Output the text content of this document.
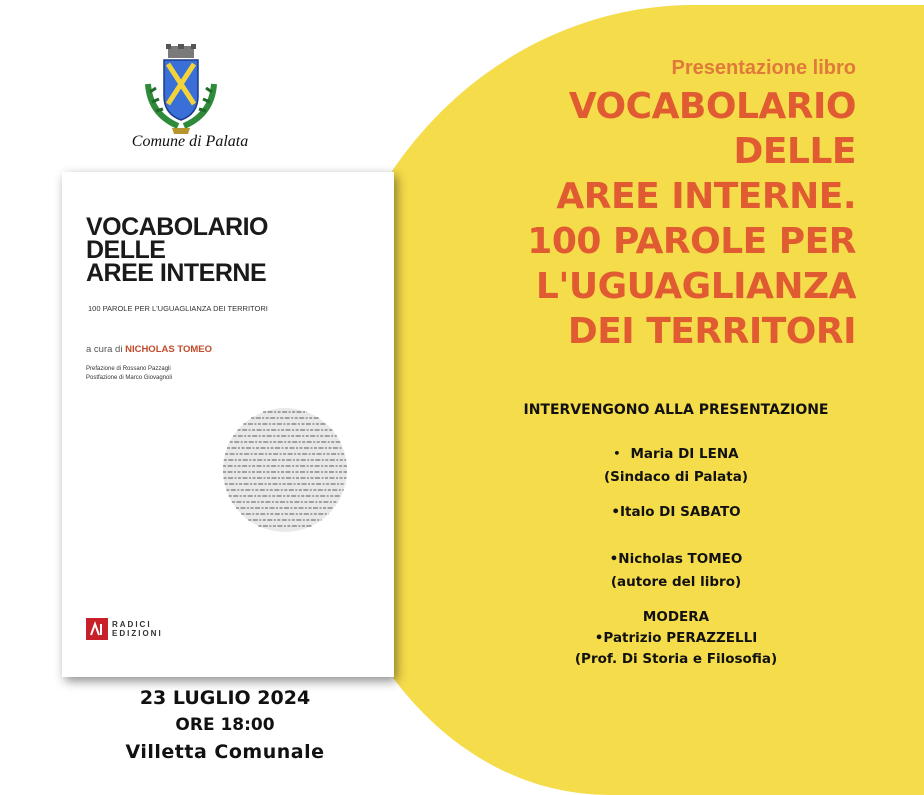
Comune di Palata
VOCABOLARIO
DELLE
AREE INTERNE
100 PAROLE PER L'UGUAGLIANZA DEI TERRITORI
a cura di NICHOLAS TOMEO
Prefazione di Rossano Pazzagli
Postfazione di Marco Giovagnoli
RADICI
EDIZIONI
23 LUGLIO 2024
ORE 18:00
Villetta Comunale
Presentazione libro
VOCABOLARIO
DELLE
AREE INTERNE.
100 PAROLE PER
L'UGUAGLIANZA
DEI TERRITORI
INTERVENGONO ALLA PRESENTAZIONE
• Maria DI LENA
(Sindaco di Palata)
•Italo DI SABATO
•Nicholas TOMEO
(autore del libro)
MODERA
•Patrizio PERAZZELLI
(Prof. Di Storia e Filosofia)
